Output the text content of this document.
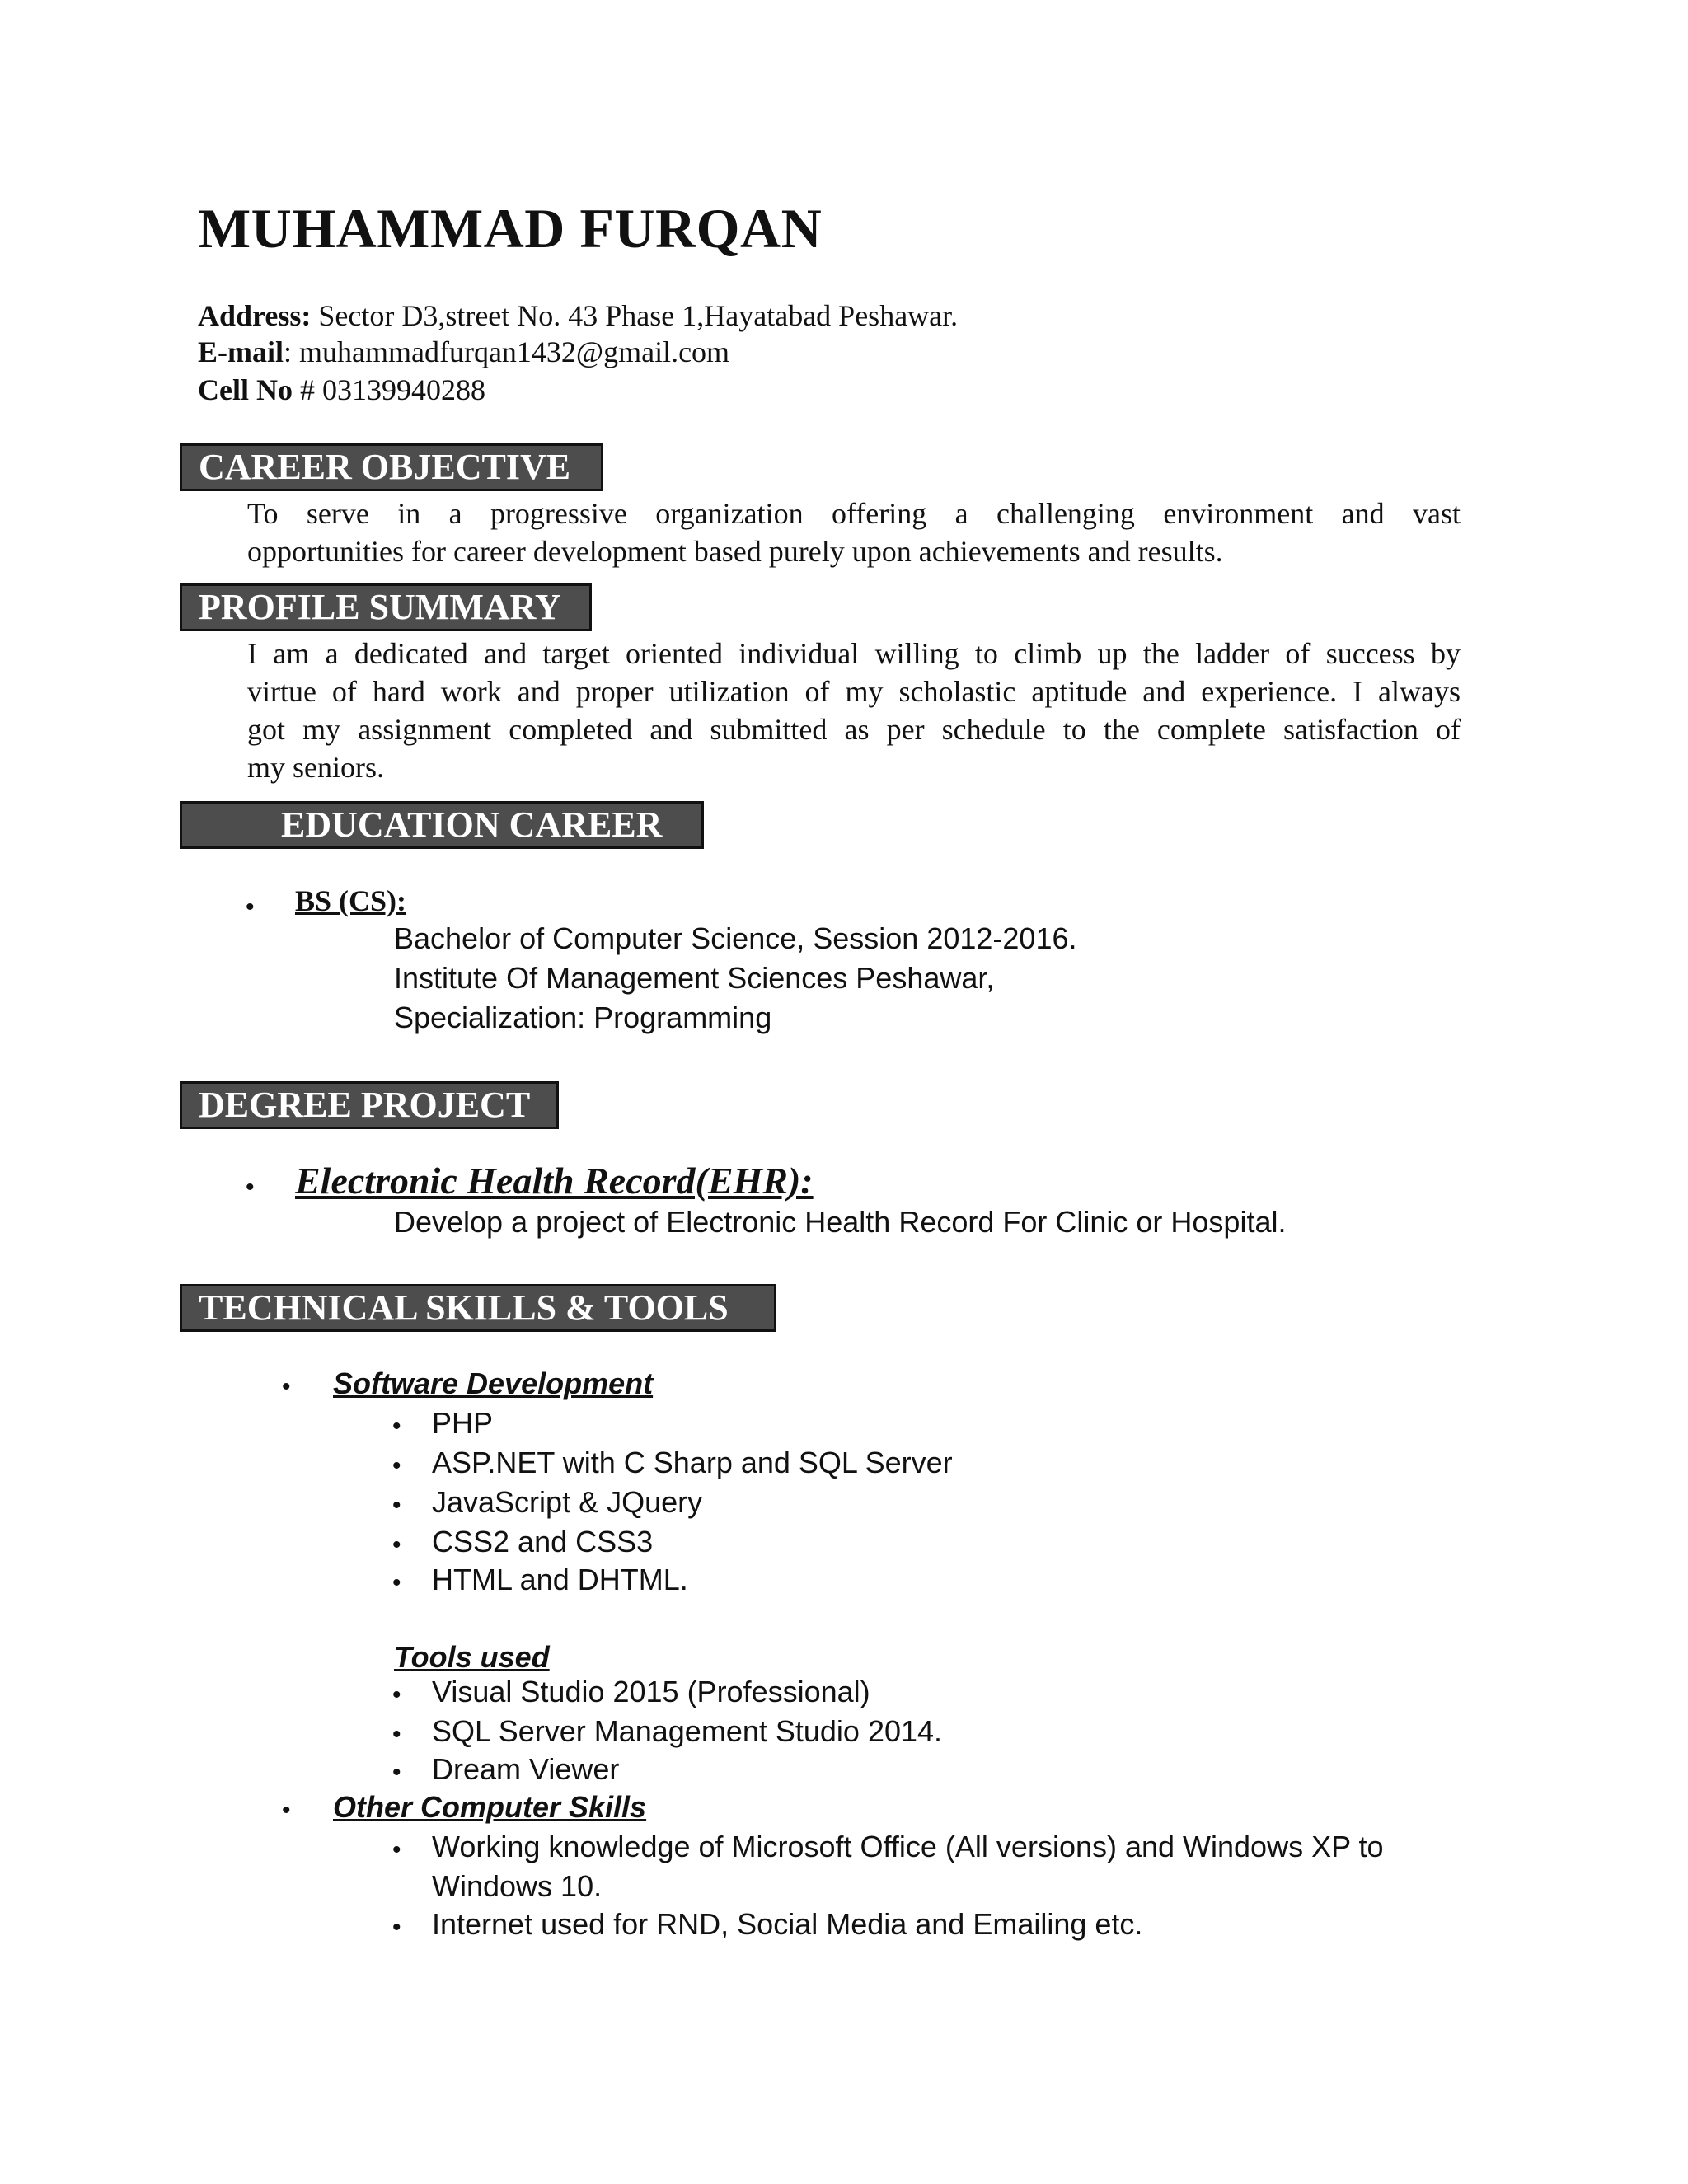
MUHAMMAD FURQAN
Address: Sector D3,street No. 43 Phase 1,Hayatabad Peshawar.
E-mail: muhammadfurqan1432@gmail.com
Cell No # 03139940288
CAREER OBJECTIVE
To serve in a progressive organization offering a challenging environment and vast
opportunities for career development based purely upon achievements and results.
PROFILE SUMMARY
I am a dedicated and target oriented individual willing to climb up the ladder of success by
virtue of hard work and proper utilization of my scholastic aptitude and experience. I always
got my assignment completed and submitted as per schedule to the complete satisfaction of
my seniors.
EDUCATION CAREER
• BS (CS):
Bachelor of Computer Science, Session 2012-2016.
Institute Of Management Sciences Peshawar,
Specialization: Programming
DEGREE PROJECT
• Electronic Health Record(EHR):
Develop a project of Electronic Health Record For Clinic or Hospital.
TECHNICAL SKILLS & TOOLS
• Software Development
• PHP
• ASP.NET with C Sharp and SQL Server
• JavaScript & JQuery
• CSS2 and CSS3
• HTML and DHTML.
Tools used
• Visual Studio 2015 (Professional)
• SQL Server Management Studio 2014.
• Dream Viewer
• Other Computer Skills
• Working knowledge of Microsoft Office (All versions) and Windows XP to
Windows 10.
• Internet used for RND, Social Media and Emailing etc.
